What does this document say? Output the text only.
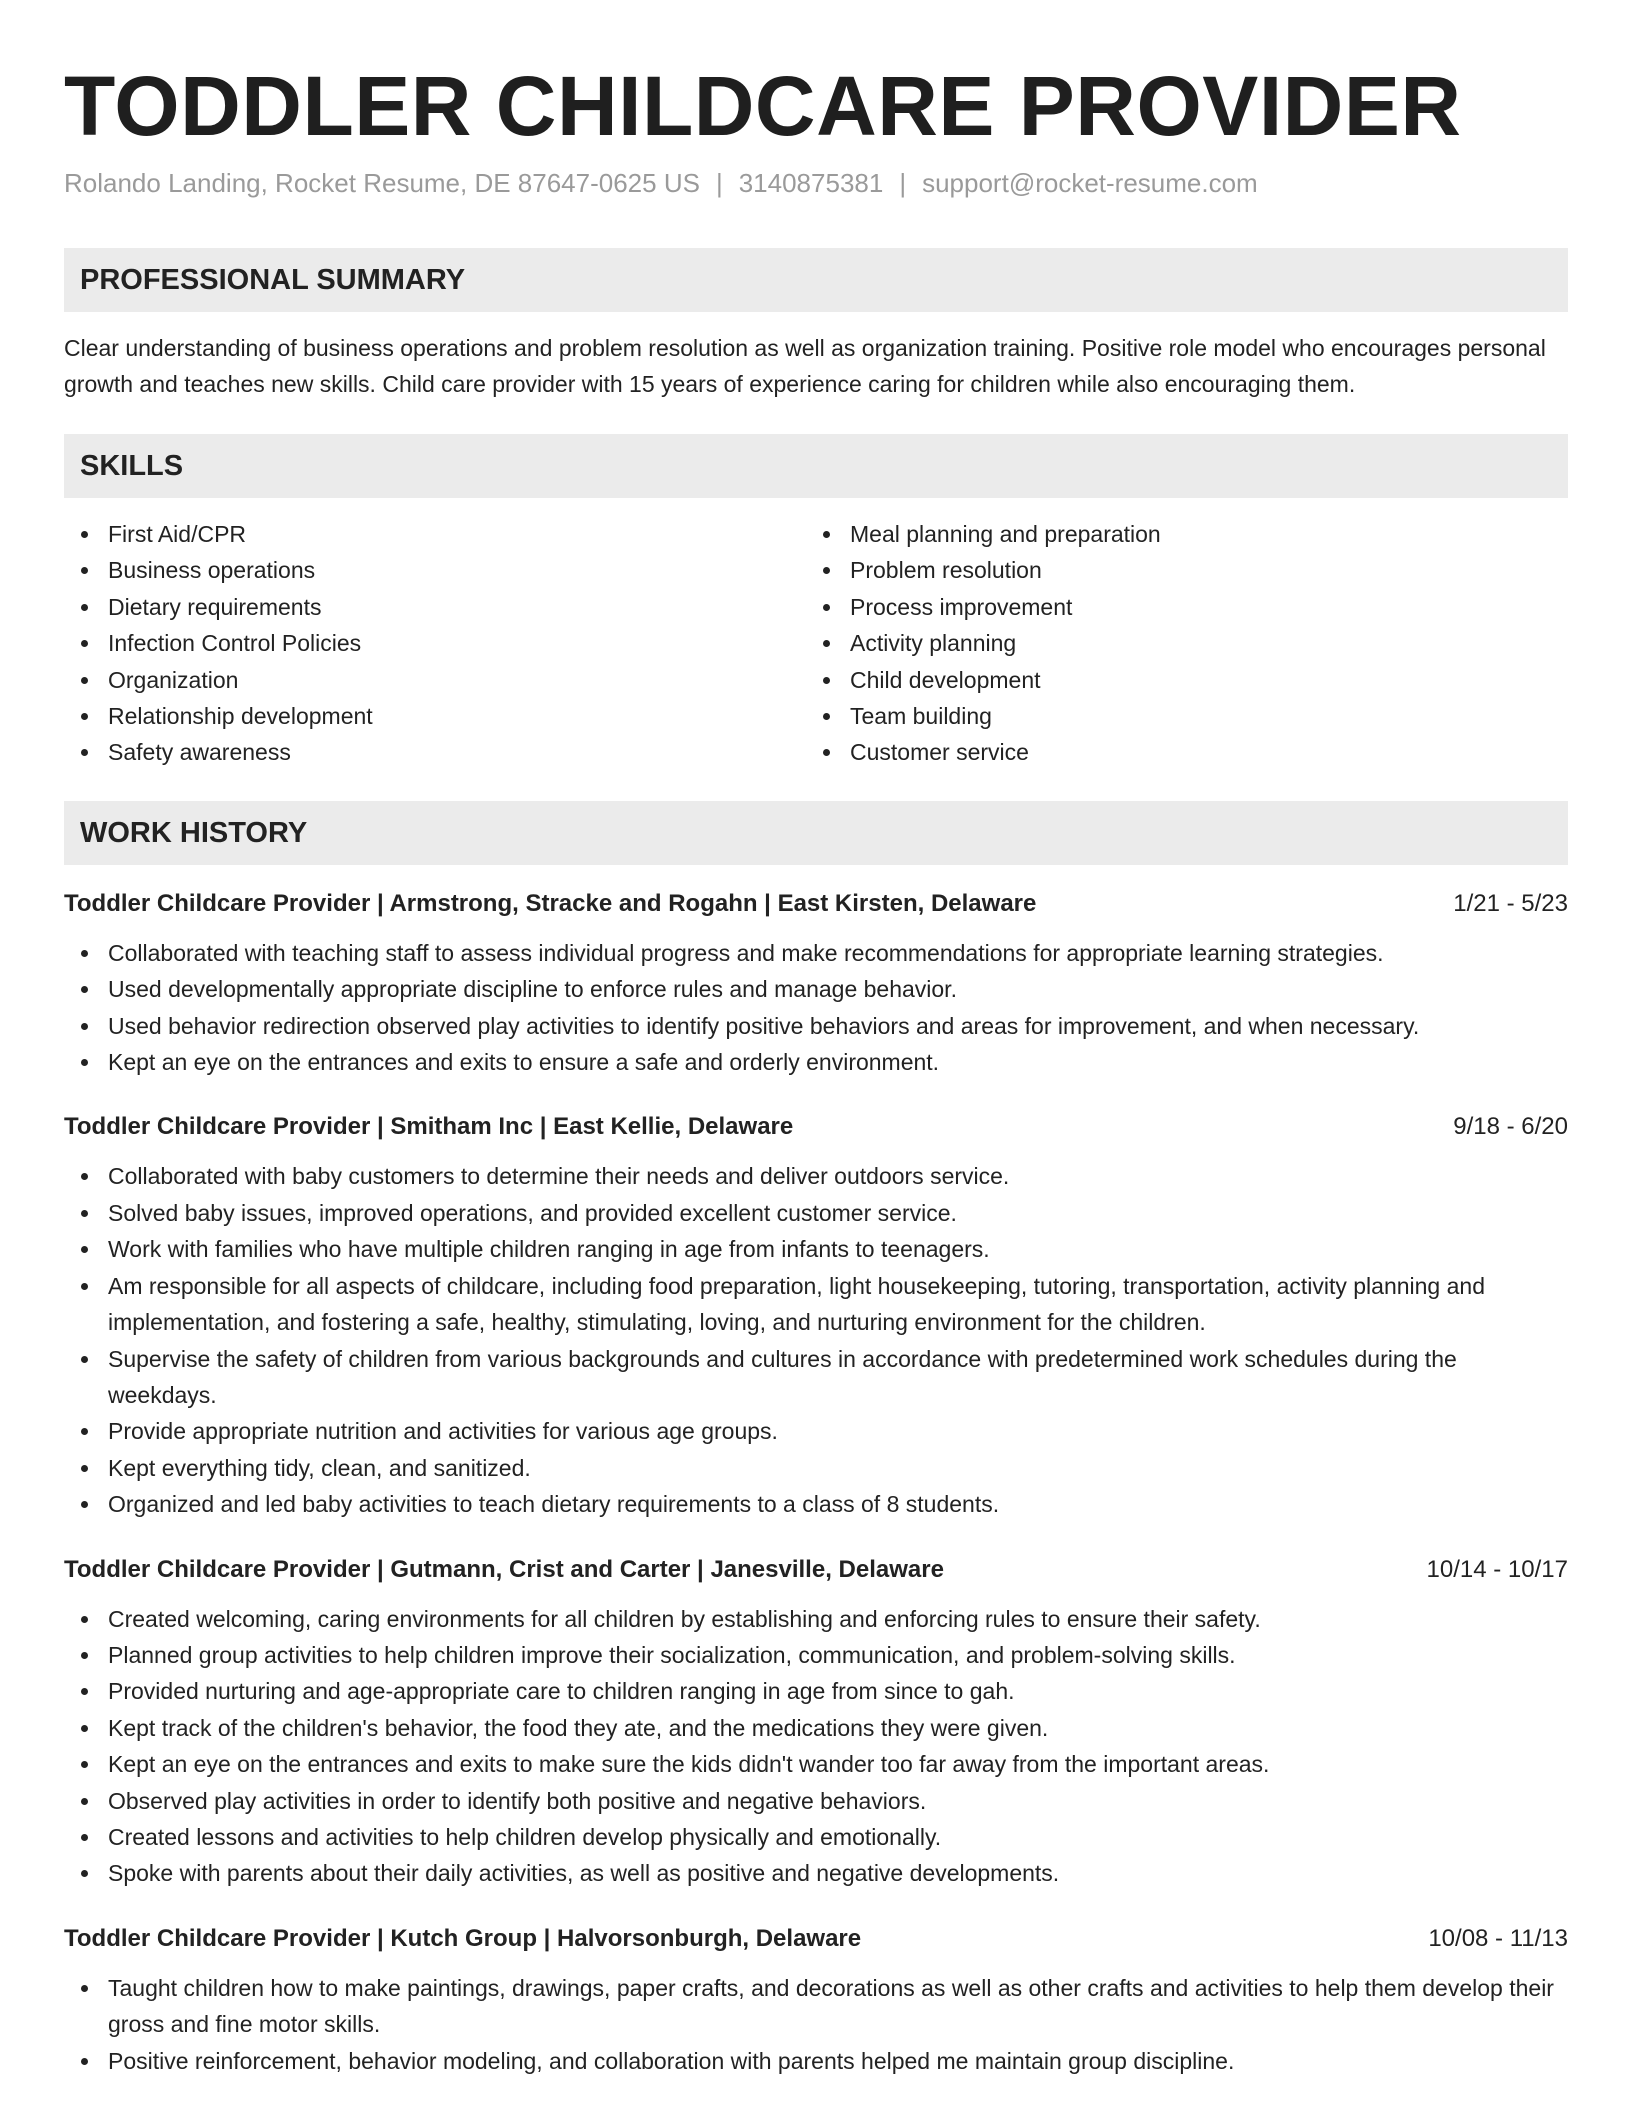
TODDLER CHILDCARE PROVIDER
Rolando Landing, Rocket Resume, DE 87647-0625 US | 3140875381 | support@rocket-resume.com
PROFESSIONAL SUMMARY

Clear understanding of business operations and problem resolution as well as organization training. Positive role model who encourages personal growth and teaches new skills. Child care provider with 15 years of experience caring for children while also encouraging them.

SKILLS
First Aid/CPR
Business operations
Dietary requirements
Infection Control Policies
Organization
Relationship development
Safety awareness
Meal planning and preparation
Problem resolution
Process improvement
Activity planning
Child development
Team building
Customer service
WORK HISTORY
Toddler Childcare Provider | Armstrong, Stracke and Rogahn | East Kirsten, Delaware	1/21 - 5/23
Collaborated with teaching staff to assess individual progress and make recommendations for appropriate learning strategies.
Used developmentally appropriate discipline to enforce rules and manage behavior.
Used behavior redirection observed play activities to identify positive behaviors and areas for improvement, and when necessary.
Kept an eye on the entrances and exits to ensure a safe and orderly environment.
Toddler Childcare Provider | Smitham Inc | East Kellie, Delaware	9/18 - 6/20
Collaborated with baby customers to determine their needs and deliver outdoors service.
Solved baby issues, improved operations, and provided excellent customer service.
Work with families who have multiple children ranging in age from infants to teenagers.
Am responsible for all aspects of childcare, including food preparation, light housekeeping, tutoring, transportation, activity planning and implementation, and fostering a safe, healthy, stimulating, loving, and nurturing environment for the children.
Supervise the safety of children from various backgrounds and cultures in accordance with predetermined work schedules during the weekdays.
Provide appropriate nutrition and activities for various age groups.
Kept everything tidy, clean, and sanitized.
Organized and led baby activities to teach dietary requirements to a class of 8 students.
Toddler Childcare Provider | Gutmann, Crist and Carter | Janesville, Delaware	10/14 - 10/17
Created welcoming, caring environments for all children by establishing and enforcing rules to ensure their safety.
Planned group activities to help children improve their socialization, communication, and problem-solving skills.
Provided nurturing and age-appropriate care to children ranging in age from since to gah.
Kept track of the children's behavior, the food they ate, and the medications they were given.
Kept an eye on the entrances and exits to make sure the kids didn't wander too far away from the important areas.
Observed play activities in order to identify both positive and negative behaviors.
Created lessons and activities to help children develop physically and emotionally.
Spoke with parents about their daily activities, as well as positive and negative developments.
Toddler Childcare Provider | Kutch Group | Halvorsonburgh, Delaware	10/08 - 11/13
Taught children how to make paintings, drawings, paper crafts, and decorations as well as other crafts and activities to help them develop their gross and fine motor skills.
Positive reinforcement, behavior modeling, and collaboration with parents helped me maintain group discipline.
